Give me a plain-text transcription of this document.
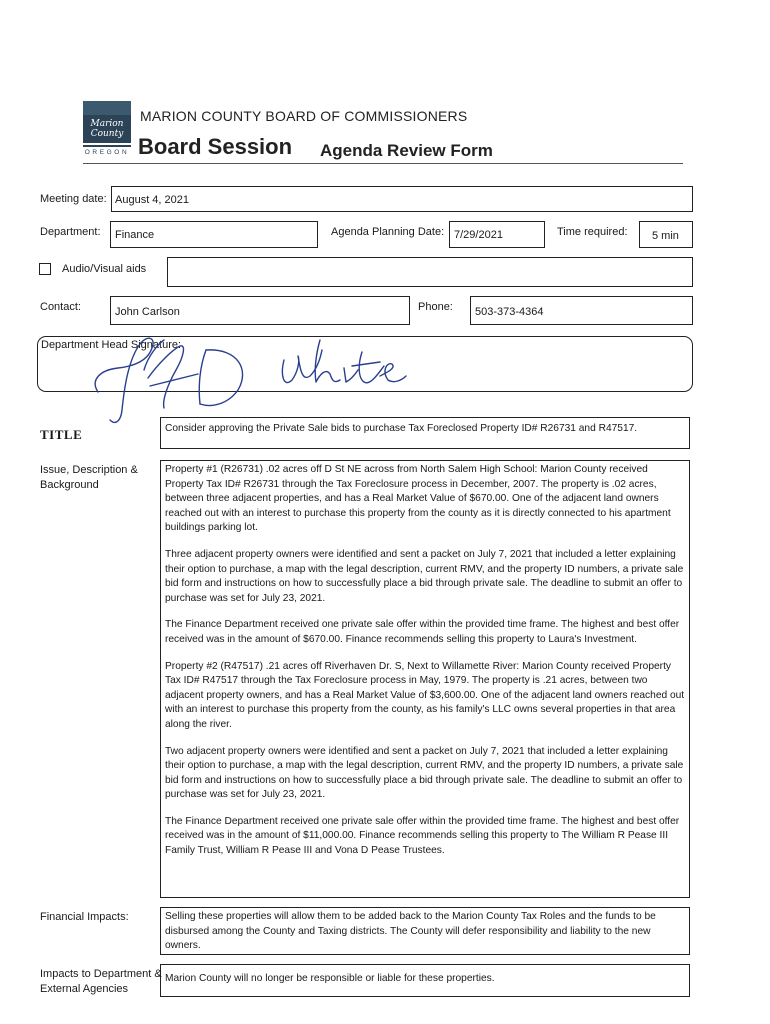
Marion County
OREGON
MARION COUNTY BOARD OF COMMISSIONERS
Board Session Agenda Review Form
Meeting date: August 4, 2021
Department: Finance	Agenda Planning Date: 7/29/2021	Time required: 5 min
Audio/Visual aids
Contact:	John Carlson	Phone: 503-373-4364
Department Head Signature:
TITLE	Consider approving the Private Sale bids to purchase Tax Foreclosed Property ID# R26731 and R47517.

Issue, Description & Background

Property #1 (R26731) .02 acres off D St NE across from North Salem High School: Marion County received Property Tax ID# R26731 through the Tax Foreclosure process in December, 2007. The property is .02 acres, between three adjacent properties, and has a Real Market Value of $670.00. One of the adjacent land owners reached out with an interest to purchase this property from the county as it is directly connected to his apartment buildings parking lot.

Three adjacent property owners were identified and sent a packet on July 7, 2021 that included a letter explaining their option to purchase, a map with the legal description, current RMV, and the property ID numbers, a private sale bid form and instructions on how to successfully place a bid through private sale. The deadline to submit an offer to purchase was set for July 23, 2021.

The Finance Department received one private sale offer within the provided time frame. The highest and best offer received was in the amount of $670.00. Finance recommends selling this property to Laura's Investment.

Property #2 (R47517) .21 acres off Riverhaven Dr. S, Next to Willamette River: Marion County received Property Tax ID# R47517 through the Tax Foreclosure process in May, 1979. The property is .21 acres, between two adjacent property owners, and has a Real Market Value of $3,600.00. One of the adjacent land owners reached out with an interest to purchase this property from the county, as his family's LLC owns several properties in that area along the river.

Two adjacent property owners were identified and sent a packet on July 7, 2021 that included a letter explaining their option to purchase, a map with the legal description, current RMV, and the property ID numbers, a private sale bid form and instructions on how to successfully place a bid through private sale. The deadline to submit an offer to purchase was set for July 23, 2021.

The Finance Department received one private sale offer within the provided time frame. The highest and best offer received was in the amount of $11,000.00. Finance recommends selling this property to The William R Pease III Family Trust, William R Pease III and Vona D Pease Trustees.

Financial Impacts:	Selling these properties will allow them to be added back to the Marion County Tax Roles and the funds to be disbursed among the County and Taxing districts. The County will defer responsibility and liability to the new owners.

Impacts to Department & External Agencies

Marion County will no longer be responsible or liable for these properties.
